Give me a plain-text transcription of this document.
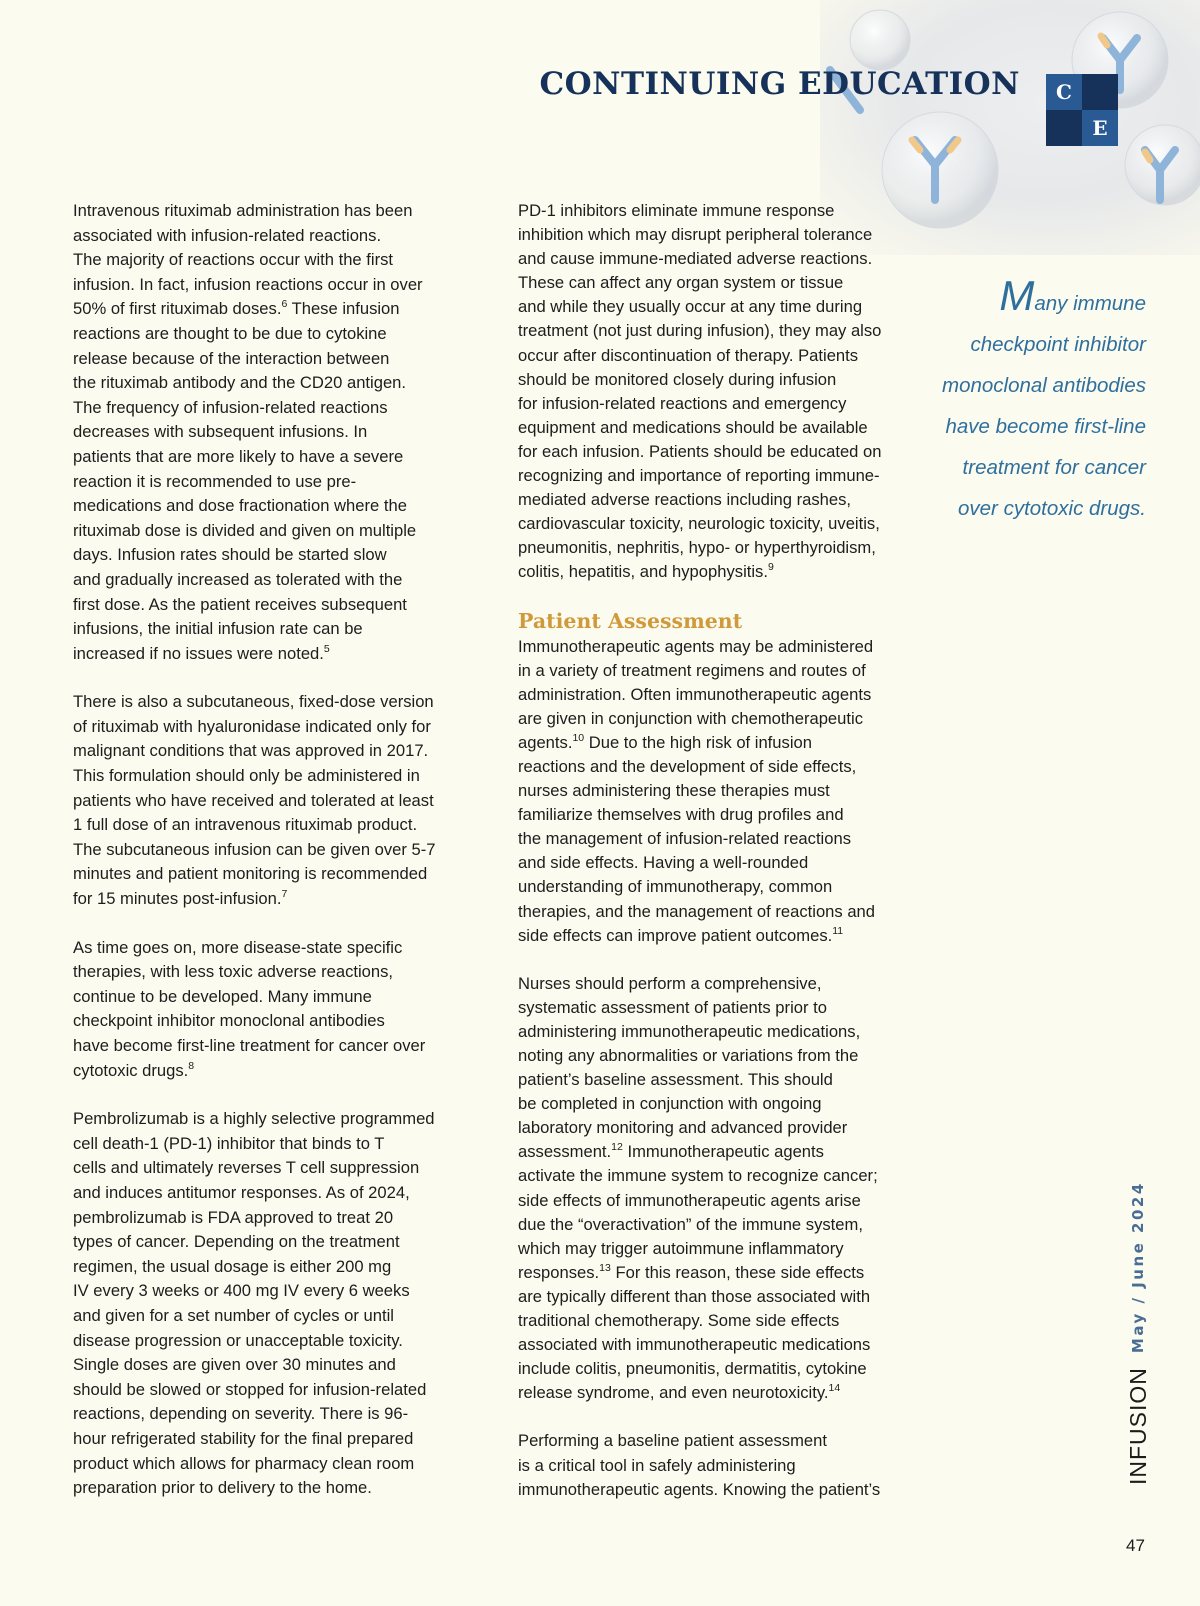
CONTINUING EDUCATION	C
E

Intravenous rituximab administration has been
associated with infusion-related reactions.
The majority of reactions occur with the first
infusion. In fact, infusion reactions occur in over
50% of first rituximab doses.$^6$ These infusion
reactions are thought to be due to cytokine
release because of the interaction between
the rituximab antibody and the CD20 antigen.
The frequency of infusion-related reactions
decreases with subsequent infusions. In
patients that are more likely to have a severe
reaction it is recommended to use pre-
medications and dose fractionation where the
rituximab dose is divided and given on multiple
days. Infusion rates should be started slow
and gradually increased as tolerated with the
first dose. As the patient receives subsequent
infusions, the initial infusion rate can be
increased if no issues were noted.$^5$

There is also a subcutaneous, fixed-dose version
of rituximab with hyaluronidase indicated only for
malignant conditions that was approved in 2017.
This formulation should only be administered in
patients who have received and tolerated at least
1 full dose of an intravenous rituximab product.
The subcutaneous infusion can be given over 5-7
minutes and patient monitoring is recommended
for 15 minutes post-infusion.$^7$

As time goes on, more disease-state specific
therapies, with less toxic adverse reactions,
continue to be developed. Many immune
checkpoint inhibitor monoclonal antibodies
have become first-line treatment for cancer over
cytotoxic drugs.$^8$

Pembrolizumab is a highly selective programmed
cell death-1 (PD-1) inhibitor that binds to T
cells and ultimately reverses T cell suppression
and induces antitumor responses. As of 2024,
pembrolizumab is FDA approved to treat 20
types of cancer. Depending on the treatment
regimen, the usual dosage is either 200 mg
IV every 3 weeks or 400 mg IV every 6 weeks
and given for a set number of cycles or until
disease progression or unacceptable toxicity.
Single doses are given over 30 minutes and
should be slowed or stopped for infusion-related
reactions, depending on severity. There is 96-
hour refrigerated stability for the final prepared
product which allows for pharmacy clean room
preparation prior to delivery to the home.

PD-1 inhibitors eliminate immune response
inhibition which may disrupt peripheral tolerance
and cause immune-mediated adverse reactions.
These can affect any organ system or tissue
and while they usually occur at any time during
treatment (not just during infusion), they may also
occur after discontinuation of therapy. Patients
should be monitored closely during infusion
for infusion-related reactions and emergency
equipment and medications should be available
for each infusion. Patients should be educated on
recognizing and importance of reporting immune-
mediated adverse reactions including rashes,
cardiovascular toxicity, neurologic toxicity, uveitis,
pneumonitis, nephritis, hypo- or hyperthyroidism,
colitis, hepatitis, and hypophysitis.$^9$

Patient Assessment

Immunotherapeutic agents may be administered
in a variety of treatment regimens and routes of
administration. Often immunotherapeutic agents
are given in conjunction with chemotherapeutic
agents.$^{10}$ Due to the high risk of infusion
reactions and the development of side effects,
nurses administering these therapies must
familiarize themselves with drug profiles and
the management of infusion-related reactions
and side effects. Having a well-rounded
understanding of immunotherapy, common
therapies, and the management of reactions and
side effects can improve patient outcomes.$^{11}$

Nurses should perform a comprehensive,
systematic assessment of patients prior to
administering immunotherapeutic medications,
noting any abnormalities or variations from the
patient’s baseline assessment. This should
be completed in conjunction with ongoing
laboratory monitoring and advanced provider
assessment.$^{12}$ Immunotherapeutic agents
activate the immune system to recognize cancer;
side effects of immunotherapeutic agents arise
due the “overactivation” of the immune system,
which may trigger autoimmune inflammatory
responses.$^{13}$ For this reason, these side effects
are typically different than those associated with
traditional chemotherapy. Some side effects
associated with immunotherapeutic medications
include colitis, pneumonitis, dermatitis, cytokine
release syndrome, and even neurotoxicity.$^{14}$

Performing a baseline patient assessment
is a critical tool in safely administering
immunotherapeutic agents. Knowing the patient’s

Many immune
checkpoint inhibitor
monoclonal antibodies
have become first-line
treatment for cancer
over cytotoxic drugs.
May / June 2024
INFUSION
47
